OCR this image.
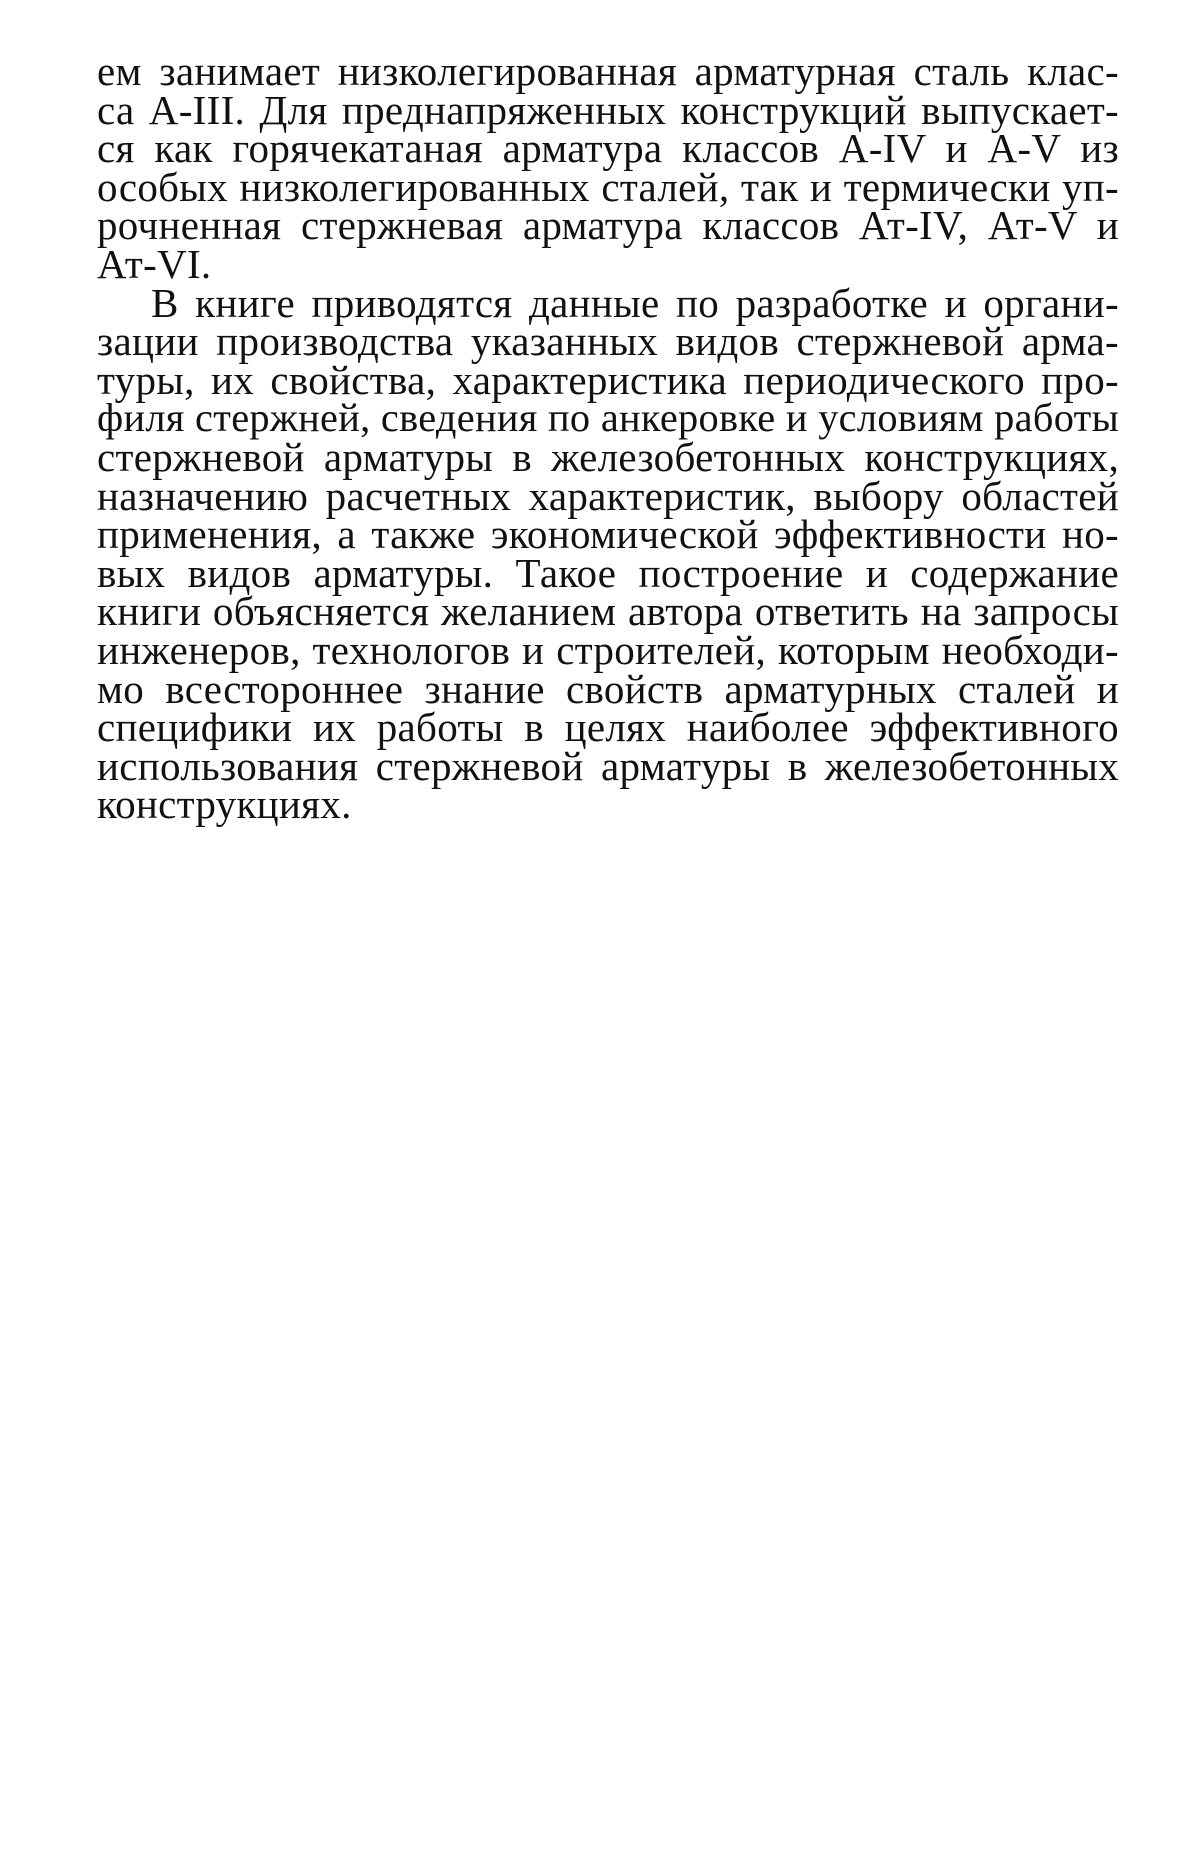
ем занимает низколегированная арматурная сталь клас-
са А-III. Для преднапряженных конструкций выпускает-
ся как горячекатаная арматура классов А-IV и А-V из
особых низколегированных сталей, так и термически уп-
рочненная стержневая арматура классов Ат-IV, Ат-V и
Ат-VI.
В книге приводятся данные по разработке и органи-
зации производства указанных видов стержневой арма-
туры, их свойства, характеристика периодического про-
филя стержней, сведения по анкеровке и условиям работы
стержневой арматуры в железобетонных конструкциях,
назначению расчетных характеристик, выбору областей
применения, а также экономической эффективности но-
вых видов арматуры. Такое построение и содержание
книги объясняется желанием автора ответить на запросы
инженеров, технологов и строителей, которым необходи-
мо всестороннее знание свойств арматурных сталей и
специфики их работы в целях наиболее эффективного
использования стержневой арматуры в железобетонных
конструкциях.
